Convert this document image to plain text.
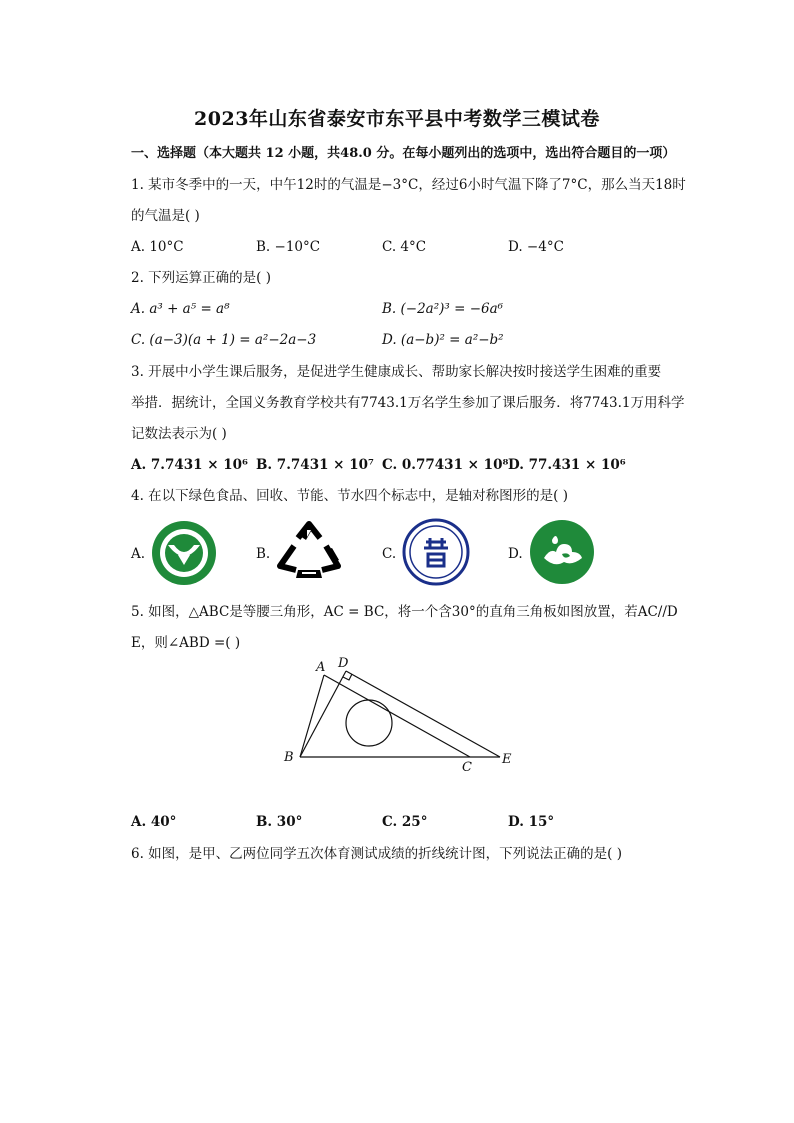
2023年山东省泰安市东平县中考数学三模试卷
一、选择题（本大题共 12 小题，共48.0 分。在每小题列出的选项中，选出符合题目的一项）
1. 某市冬季中的一天，中午12时的气温是−3°C，经过6小时气温下降了7°C，那么当天18时
的气温是( )
A. 10°C	B. −10°C	C. 4°C	D. −4°C
2. 下列运算正确的是( )
A. a³ + a⁵ = a⁸	B. (−2a²)³ = −6a⁶
C. (a−3)(a + 1) = a²−2a−3	D. (a−b)² = a²−b²
3. 开展中小学生课后服务，是促进学生健康成长、帮助家长解决按时接送学生困难的重要
举措．据统计，全国义务教育学校共有7743.1万名学生参加了课后服务．将7743.1万用科学
记数法表示为( )
A. 7.7431 × 10⁶ B. 7.7431 × 10⁷ C. 0.77431 × 10⁸ D. 77.431 × 10⁶
4. 在以下绿色食品、回收、节能、节水四个标志中，是轴对称图形的是( )
A.	B.	C.	D.
5. 如图，△ABC是等腰三角形，AC = BC，将一个含30°的直角三角板如图放置，若AC//D
E，则∠ABD =( )
A D
B
C
E
A. 40°	B. 30°	C. 25°	D. 15°
6. 如图，是甲、乙两位同学五次体育测试成绩的折线统计图，下列说法正确的是( )
